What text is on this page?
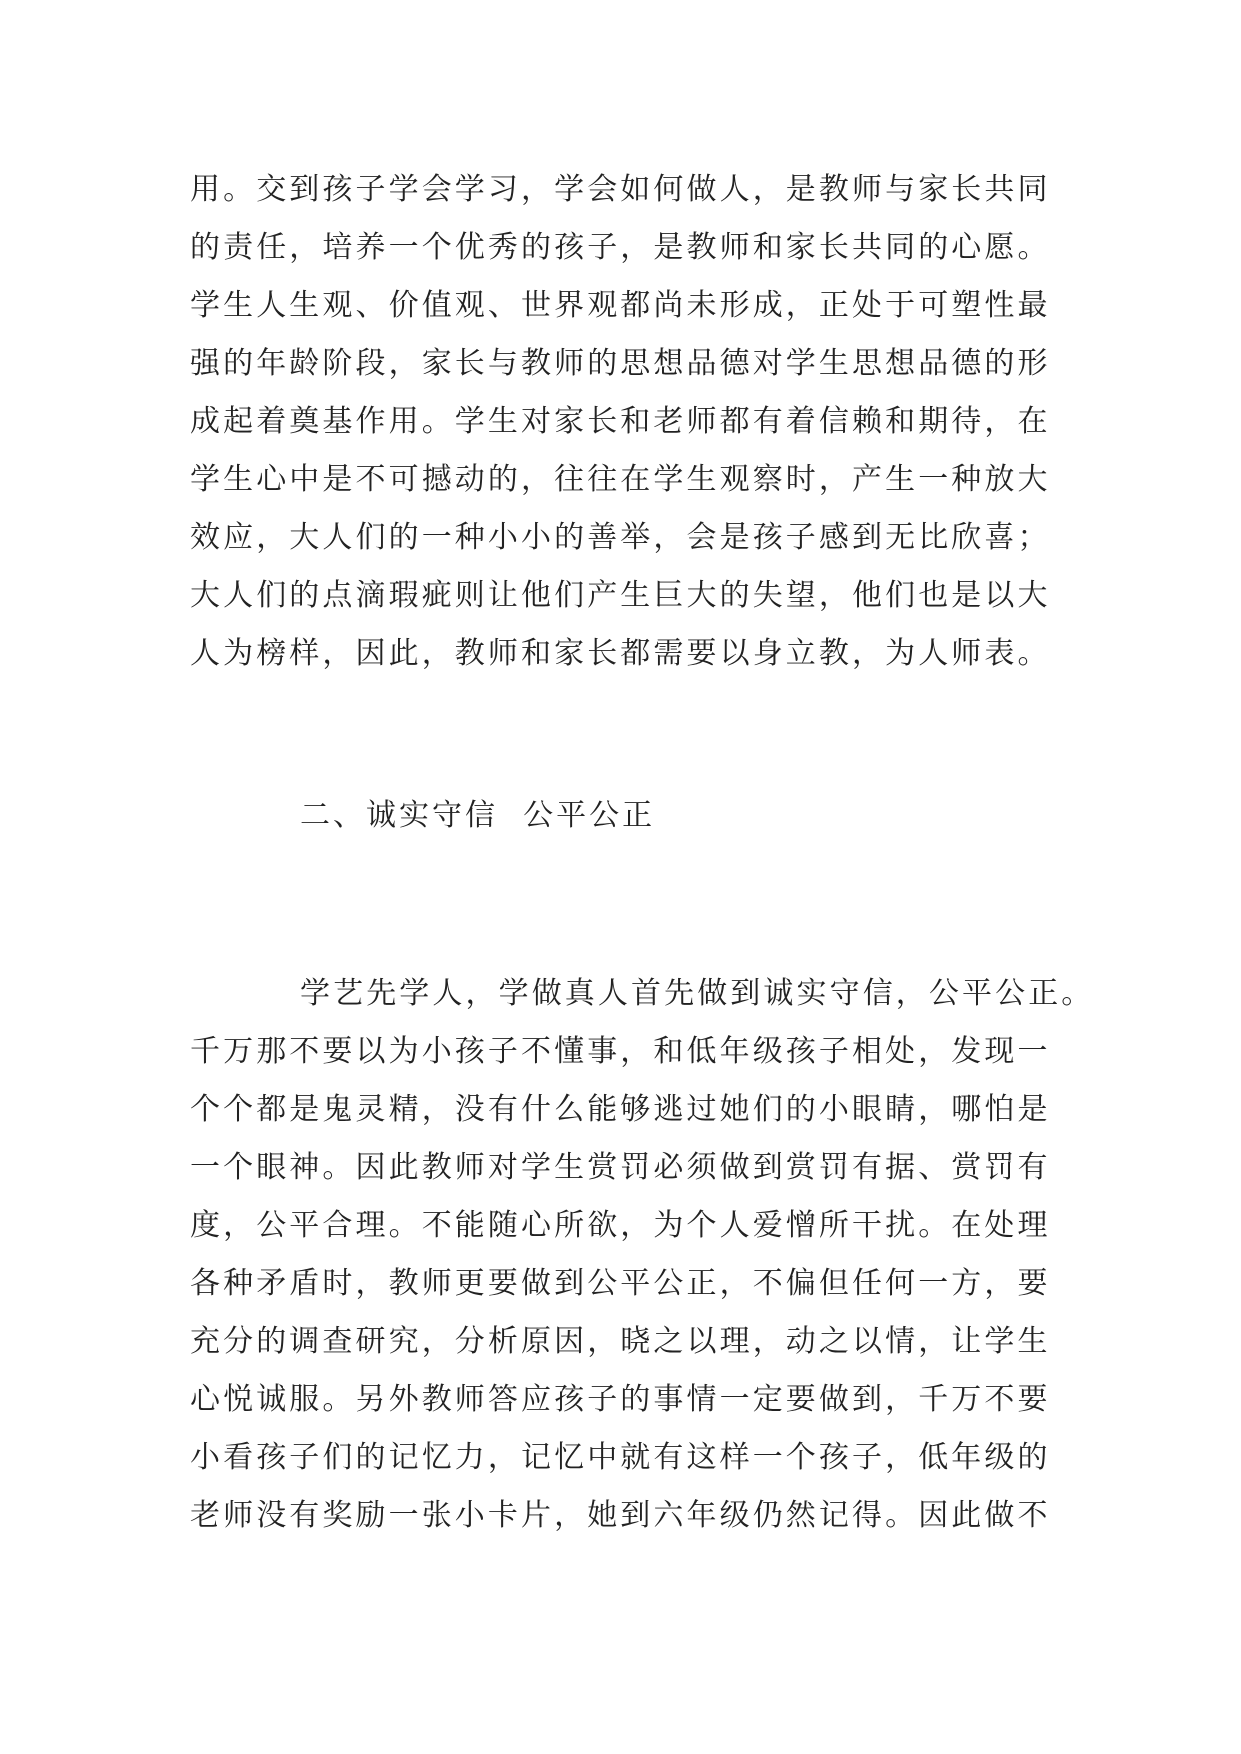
用。交到孩子学会学习，学会如何做人，是教师与家长共同
的责任，培养一个优秀的孩子，是教师和家长共同的心愿。
学生人生观、价值观、世界观都尚未形成，正处于可塑性最
强的年龄阶段，家长与教师的思想品德对学生思想品德的形
成起着奠基作用。学生对家长和老师都有着信赖和期待，在
学生心中是不可撼动的，往往在学生观察时，产生一种放大
效应，大人们的一种小小的善举，会是孩子感到无比欣喜；
大人们的点滴瑕疵则让他们产生巨大的失望，他们也是以大
人为榜样，因此，教师和家长都需要以身立教，为人师表。
二、诚实守信  公平公正
学艺先学人，学做真人首先做到诚实守信，公平公正。
千万那不要以为小孩子不懂事，和低年级孩子相处，发现一
个个都是鬼灵精，没有什么能够逃过她们的小眼睛，哪怕是
一个眼神。因此教师对学生赏罚必须做到赏罚有据、赏罚有
度，公平合理。不能随心所欲，为个人爱憎所干扰。在处理
各种矛盾时，教师更要做到公平公正，不偏但任何一方，要
充分的调查研究，分析原因，晓之以理，动之以情，让学生
心悦诚服。另外教师答应孩子的事情一定要做到，千万不要
小看孩子们的记忆力，记忆中就有这样一个孩子，低年级的
老师没有奖励一张小卡片，她到六年级仍然记得。因此做不
